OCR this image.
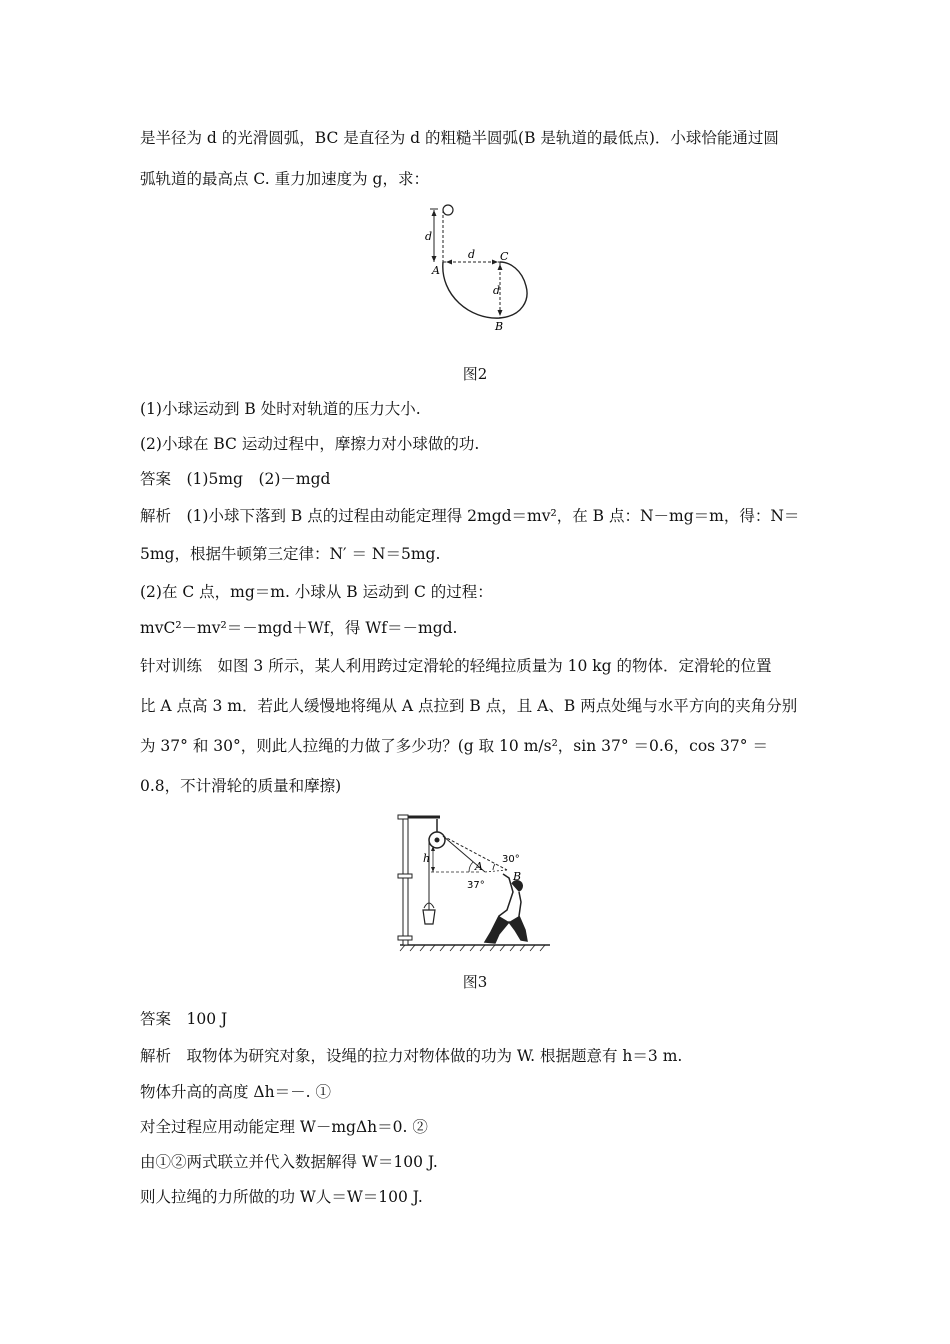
是半径为 d 的光滑圆弧，BC 是直径为 d 的粗糙半圆弧(B 是轨道的最低点)．小球恰能通过圆
弧轨道的最高点 C. 重力加速度为 g，求：
d
d
d
A
C
B
图2
(1)小球运动到 B 处时对轨道的压力大小.
(2)小球在 BC 运动过程中，摩擦力对小球做的功.
答案　(1)5mg　(2)－mgd
解析　(1)小球下落到 B 点的过程由动能定理得 2mgd＝mv²，在 B 点：N－mg＝m，得：N＝
5mg，根据牛顿第三定律：N′ ＝ N＝5mg.
(2)在 C 点，mg＝m. 小球从 B 运动到 C 的过程：
mvC²－mv²＝－mgd＋Wf，得 Wf＝－mgd.
针对训练　如图 3 所示，某人利用跨过定滑轮的轻绳拉质量为 10 kg 的物体．定滑轮的位置
比 A 点高 3 m．若此人缓慢地将绳从 A 点拉到 B 点，且 A、B 两点处绳与水平方向的夹角分别
为 37° 和 30°，则此人拉绳的力做了多少功？(g 取 10 m/s²，sin 37° ＝0.6，cos 37° ＝
0.8，不计滑轮的质量和摩擦)
h
A
B
30°
37°
图3
答案　100 J
解析　取物体为研究对象，设绳的拉力对物体做的功为 W. 根据题意有 h＝3 m.
物体升高的高度 Δh＝－. ①
对全过程应用动能定理 W－mgΔh＝0. ②
由①②两式联立并代入数据解得 W＝100 J.
则人拉绳的力所做的功 W人＝W＝100 J.
